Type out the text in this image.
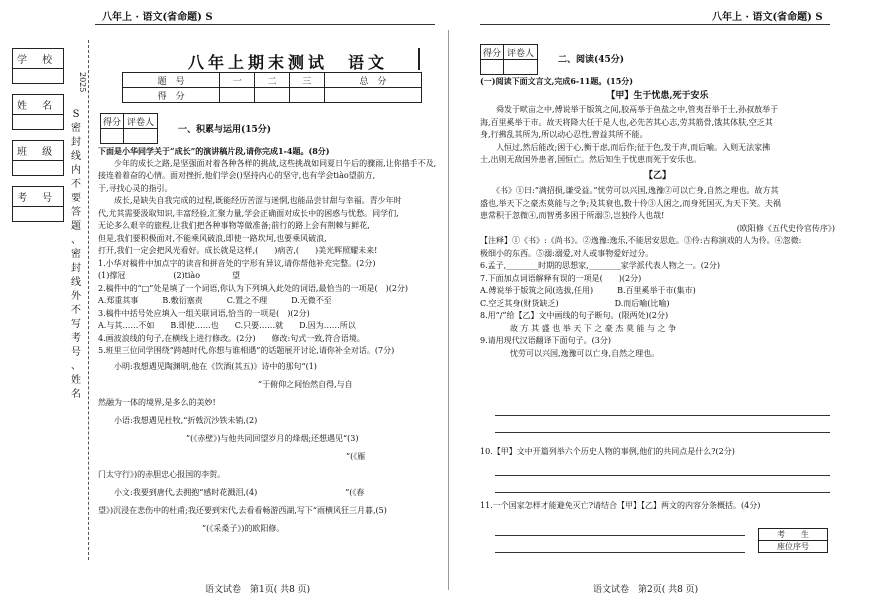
八年上 · 语文(省命题) S	八年上 · 语文(省命题) S
学 校
姓 名
班 级
考 号
2025
S
密
封
线
内
不
要
答
题
、
密
封
线
外
不
写
考
号
、
姓
名
八年上期末测试　语文
题　号	一	二	三	总　分
得　分				
得分	评卷人

一、积累与运用(15分)
下面是小华同学关于“成长”的演讲稿片段,请你完成1-4题。(8分)
　　少年的成长之路,是坚强面对着各种各样的挑战,这些挑战如同夏日午后的骤雨,让你措手不及,
接连着着奋的心情。面对挫折,他们学会()坚持内心的坚守,也有学会tiào望前方,
于,寻找心灵的指引。
　　成长,是缺失自我完成的过程,既能经历苦涩与迷惘,也能品尝甘甜与幸福。青少年时
代,尤其需要汲取知识,丰富经验,汇聚力量,学会正确面对成长中的困惑与忧愁。同学们,
无论多么艰辛的旅程,让我们把各种事物等做准备;前行的路上会有荆棘与鲜花,
但是,我们要积极面对,不能乘风破浪,即使一路坎坷,也要乘风破浪,
打开,我们一定会把风光看好。成长就是这样,(　　)病苦,(　　)美光辉照耀未来!
1.小华对稿件中加点字的读音和拼音处的字形有异议,请你帮他补充完整。(2分)
(1)撑冠　　　　　　(2)tiào　　　　望
2.稿件中的“□”处是填了一个词语,你认为下列填入此处的词语,最恰当的一项是(　)(2分)
A.郑重其事　　　B.敷衍塞责　　　C.置之不理　　　D.无微不至
3.稿件中括号处应填入一组关联词语,恰当的一项是(　)(2分)
A.与其……不如　　B.即使……也　　C.只要……就　　D.因为……所以
4.画波浪线的句子,在横线上进行修改。(2分)　　修改:句式一致,符合语境。
5.班里三位同学围绕“跨越时代,你想与谁相遇”的话题展开讨论,请你补全对话。(7分)
　　小明:我想遇见陶渊明,他在《饮酒(其五)》诗中的那句“(1)
　　　　　　　　　　　　　　　　　　　　”于俯仰之间怡然自得,与自
然融为一体的境界,是多么的美妙!
　　小语:我想遇见杜牧,“折戟沉沙铁未销,(2)
　　　　　　　　　　　”(《赤壁》)与他共同回望岁月的烽烟;还想遇见“(3)
　　　　　　　　　　　　　　　　　　　　　　　　　　　　　　　”(《雁
门太守行》)的赤胆忠心报国的李贺。
　　小文:我要到唐代,去拥抱“感时花溅泪,(4)　　　　　　　　　　　”(《春
望》)沉浸在悲伤中的杜甫;我还要到宋代,去看看畅游西湖,写下“雨横风狂三月暮,(5)
　　　　　　　　　　　　　”(《采桑子》)的欧阳修。
语文试卷　第1页( 共8 页)
得分	评卷人

二、阅读(45分)
(一)阅读下面文言文,完成6-11题。(15分)
【甲】生于忧患,死于安乐
　　舜发于畎亩之中,傅说举于版筑之间,胶鬲举于鱼盐之中,管夷吾举于士,孙叔敖举于
海,百里奚举于市。故天将降大任于是人也,必先苦其心志,劳其筋骨,饿其体肤,空乏其
身,行拂乱其所为,所以动心忍性,曾益其所不能。
　　人恒过,然后能改;困于心,衡于虑,而后作;征于色,发于声,而后喻。入则无法家拂
士,出则无敌国外患者,国恒亡。然后知生于忧患而死于安乐也。
【乙】
　　《书》①曰:“满招损,谦受益。”忧劳可以兴国,逸豫②可以亡身,自然之理也。故方其
盛也,举天下之豪杰莫能与之争;及其衰也,数十伶③人困之,而身死国灭,为天下笑。夫祸
患常积于忽微④,而智勇多困于所溺⑤,岂独伶人也哉!
(欧阳修《五代史伶官传序》)
【注释】①《书》:《尚书》。②逸豫:逸乐,不能居安思危。③伶:古称演戏的人为伶。④忽微:
极细小的东西。⑤溺:溺爱,对人或事物爱好过分。
6.孟子,________时期的思想家,________家学派代表人物之一。(2分)
7.下面加点词语解释有误的一项是(　　)(2分)
A.傅说举于版筑之间(选拔,任用)　　　B.百里奚举于市(集市)
C.空乏其身(财货缺乏)　　　　　　　D.而后喻(比喻)
8.用“/”给【乙】文中画线的句子断句。(限两处)(2分)
故 方 其 盛 也 举 天 下 之 豪 杰 莫 能 与 之 争
9.请用现代汉语翻译下面句子。(3分)
忧劳可以兴国,逸豫可以亡身,自然之理也。
10.【甲】文中开篇列举六个历史人物的事例,他们的共同点是什么?(2分)
11.一个国家怎样才能避免灭亡?请结合【甲】【乙】两文的内容分条概括。(4分)
考　　生
座位序号
语文试卷　第2页( 共8 页)
